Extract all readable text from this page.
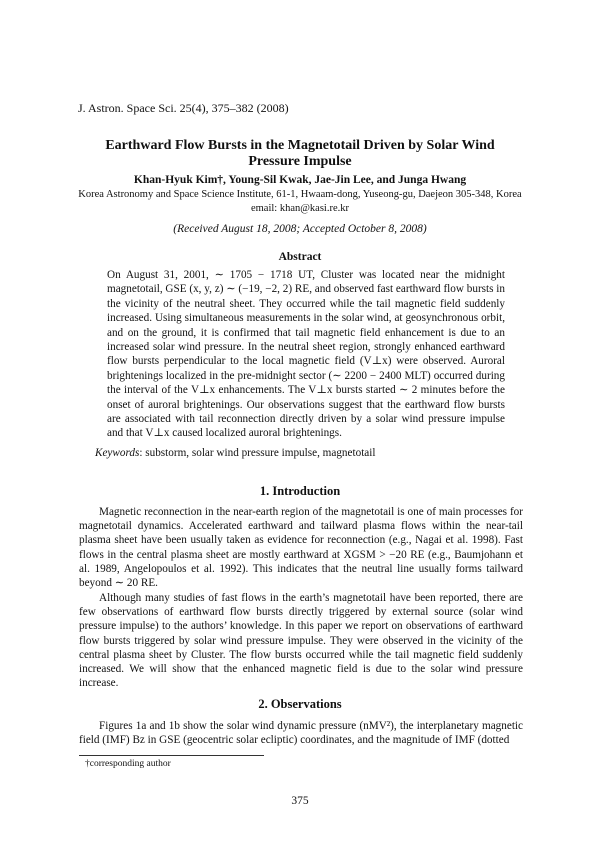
J. Astron. Space Sci. 25(4), 375–382 (2008)
Earthward Flow Bursts in the Magnetotail Driven by Solar Wind Pressure Impulse
Khan-Hyuk Kim†, Young-Sil Kwak, Jae-Jin Lee, and Junga Hwang
Korea Astronomy and Space Science Institute, 61-1, Hwaam-dong, Yuseong-gu, Daejeon 305-348, Korea
email: khan@kasi.re.kr
(Received August 18, 2008; Accepted October 8, 2008)
Abstract

On August 31, 2001, ∼ 1705 − 1718 UT, Cluster was located near the midnight magnetotail, GSE (x, y, z) ∼ (−19, −2, 2) RE, and observed fast earthward flow bursts in the vicinity of the neutral sheet. They occurred while the tail magnetic field suddenly increased. Using simultaneous measurements in the solar wind, at geosynchronous orbit, and on the ground, it is confirmed that tail magnetic field enhancement is due to an increased solar wind pressure. In the neutral sheet region, strongly enhanced earthward flow bursts perpendicular to the local magnetic field (V⊥x) were observed. Auroral brightenings localized in the pre-midnight sector (∼ 2200 − 2400 MLT) occurred during the interval of the V⊥x enhancements. The V⊥x bursts started ∼ 2 minutes before the onset of auroral brightenings. Our observations suggest that the earthward flow bursts are associated with tail reconnection directly driven by a solar wind pressure impulse and that V⊥x caused localized auroral brightenings.

Keywords: substorm, solar wind pressure impulse, magnetotail
1. Introduction

Magnetic reconnection in the near-earth region of the magnetotail is one of main processes for magnetotail dynamics. Accelerated earthward and tailward plasma flows within the near-tail plasma sheet have been usually taken as evidence for reconnection (e.g., Nagai et al. 1998). Fast flows in the central plasma sheet are mostly earthward at XGSM > −20 RE (e.g., Baumjohann et al. 1989, Angelopoulos et al. 1992). This indicates that the neutral line usually forms tailward beyond ∼ 20 RE.

Although many studies of fast flows in the earth’s magnetotail have been reported, there are few observations of earthward flow bursts directly triggered by external source (solar wind pressure impulse) to the authors’ knowledge. In this paper we report on observations of earthward flow bursts triggered by solar wind pressure impulse. They were observed in the vicinity of the central plasma sheet by Cluster. The flow bursts occurred while the tail magnetic field suddenly increased. We will show that the enhanced magnetic field is due to the solar wind pressure increase.

2. Observations

Figures 1a and 1b show the solar wind dynamic pressure (nMV²), the interplanetary magnetic field (IMF) Bz in GSE (geocentric solar ecliptic) coordinates, and the magnitude of IMF (dotted

†corresponding author
375
